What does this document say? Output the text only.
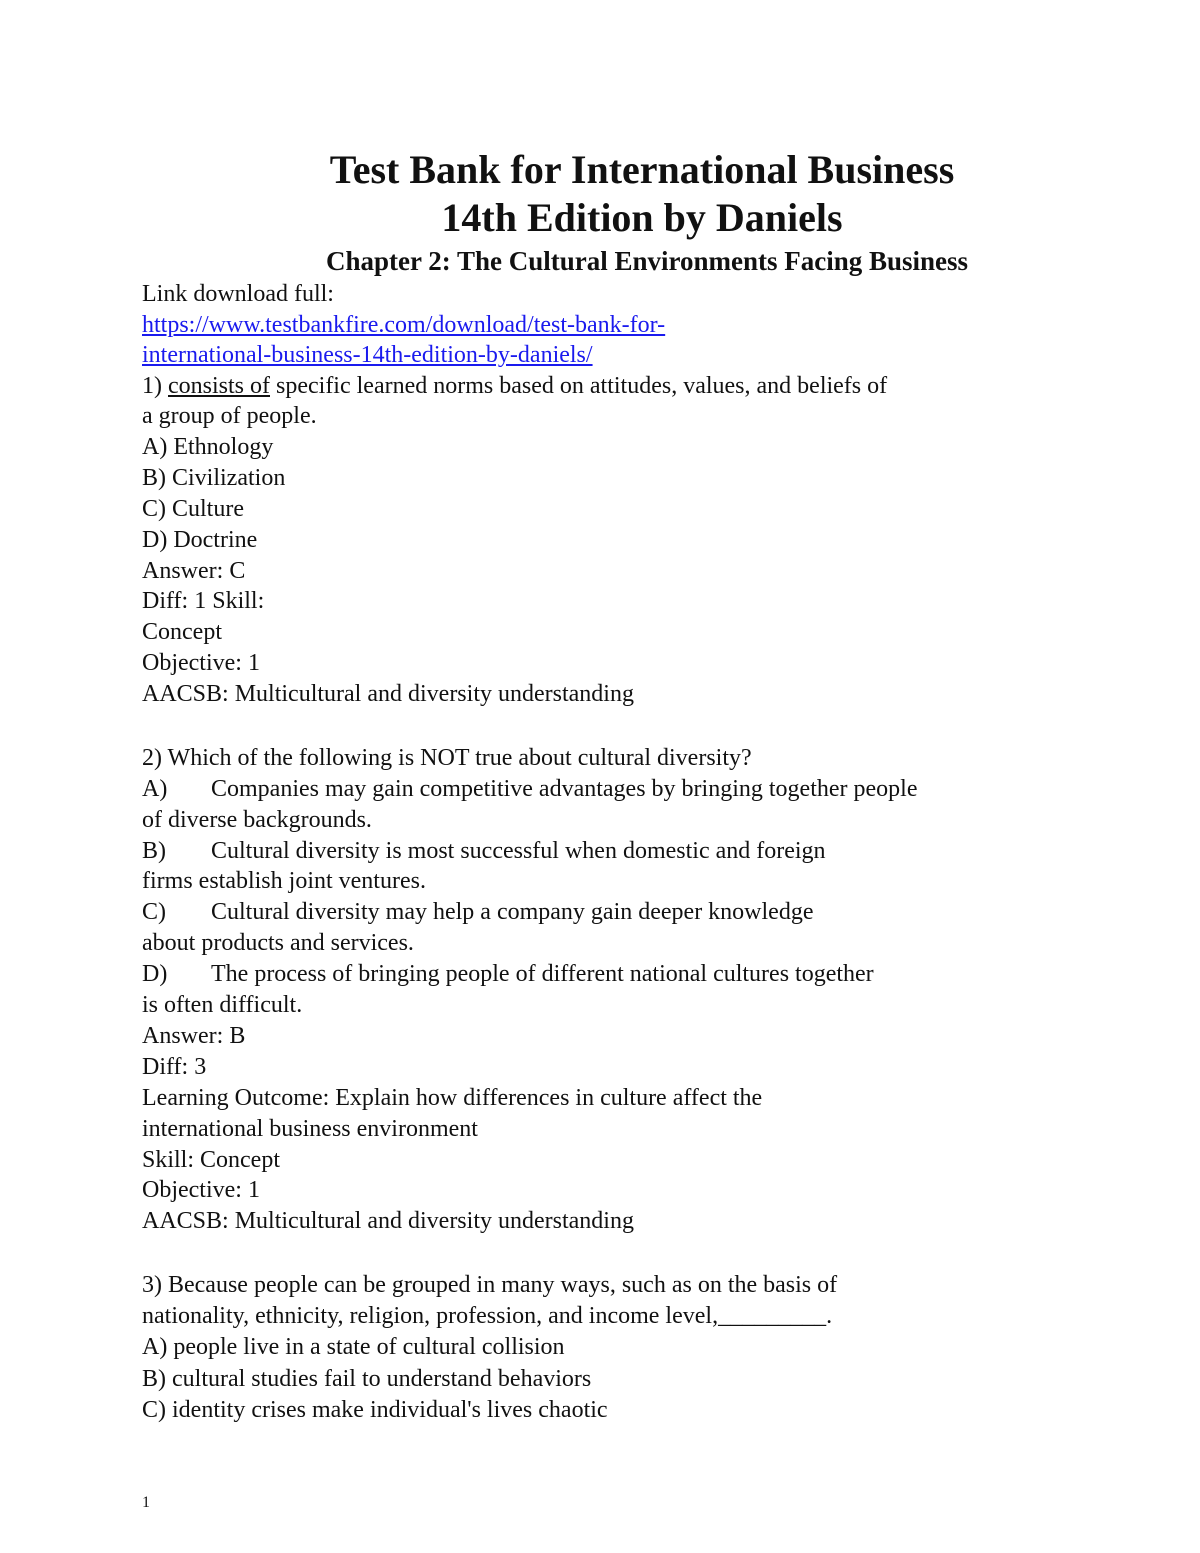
Test Bank for International Business
14th Edition by Daniels
Chapter 2: The Cultural Environments Facing Business

Link download full:

https://www.testbankfire.com/download/test-bank-for-

international-business-14th-edition-by-daniels/

1) consists of specific learned norms based on attitudes, values, and beliefs of

a group of people.

A) Ethnology

B) Civilization

C) Culture

D) Doctrine

Answer: C

Diff: 1 Skill:

Concept

Objective: 1

AACSB: Multicultural and diversity understanding

2) Which of the following is NOT true about cultural diversity?

A) Companies may gain competitive advantages by bringing together people

of diverse backgrounds.

B) Cultural diversity is most successful when domestic and foreign

firms establish joint ventures.

C) Cultural diversity may help a company gain deeper knowledge

about products and services.

D) The process of bringing people of different national cultures together

is often difficult.

Answer: B

Diff: 3

Learning Outcome: Explain how differences in culture affect the

international business environment

Skill: Concept

Objective: 1

AACSB: Multicultural and diversity understanding

3) Because people can be grouped in many ways, such as on the basis of

nationality, ethnicity, religion, profession, and income level,_________.

A) people live in a state of cultural collision

B) cultural studies fail to understand behaviors

C) identity crises make individual's lives chaotic

1
